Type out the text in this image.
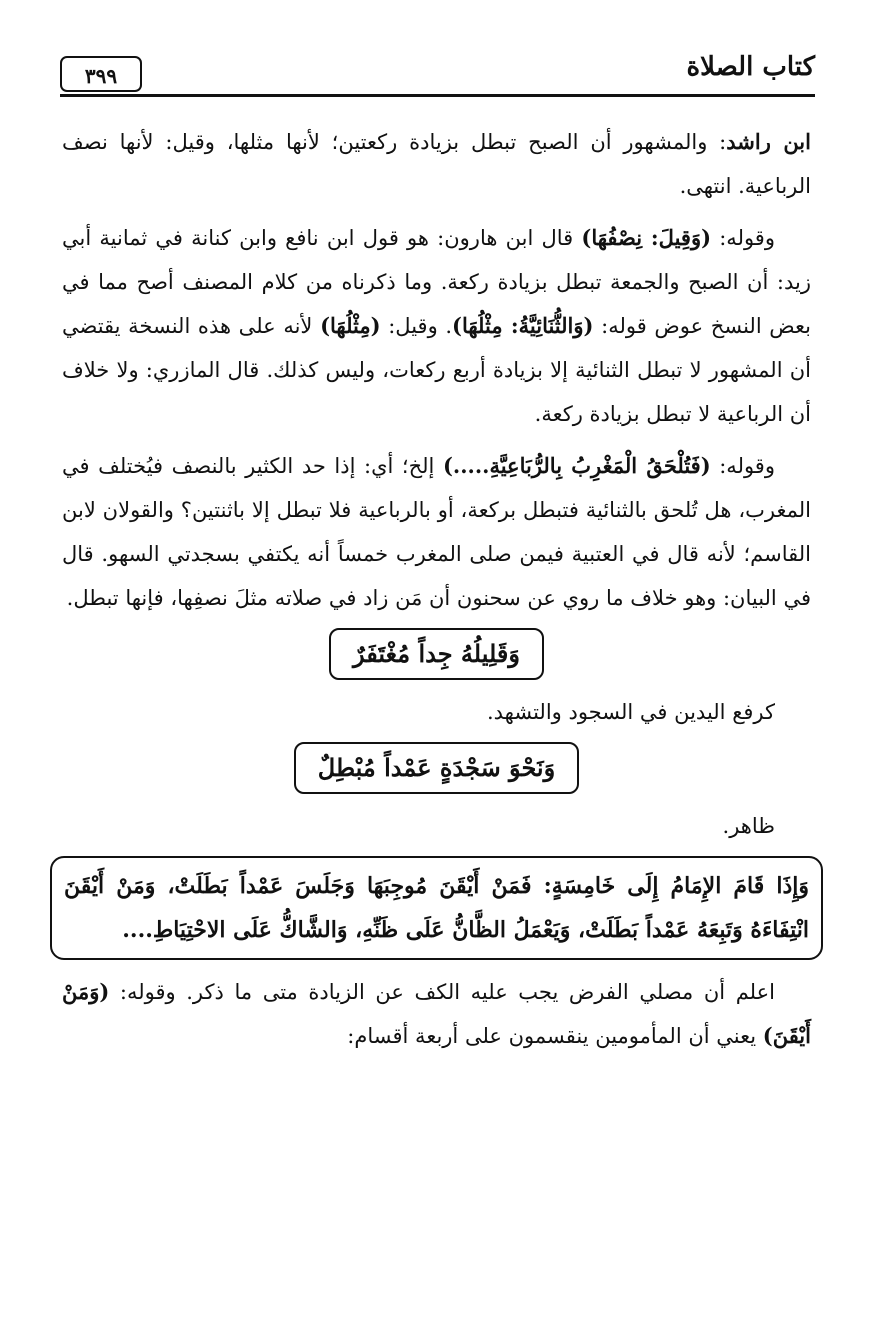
كتاب الصلاة
٣٩٩

ابن راشد: والمشهور أن الصبح تبطل بزيادة ركعتين؛ لأنها مثلها، وقيل: لأنها نصف الرباعية. انتهى.

وقوله: (وَقِيلَ: نِصْفُهَا) قال ابن هارون: هو قول ابن نافع وابن كنانة في ثمانية أبي زيد: أن الصبح والجمعة تبطل بزيادة ركعة. وما ذكرناه من كلام المصنف أصح مما في بعض النسخ عوض قوله: (وَالثُّنَائِيَّةُ: مِثْلُهَا). وقيل: (مِثْلُهَا) لأنه على هذه النسخة يقتضي أن المشهور لا تبطل الثنائية إلا بزيادة أربع ركعات، وليس كذلك. قال المازري: ولا خلاف أن الرباعية لا تبطل بزيادة ركعة.

وقوله: (فَتُلْحَقُ الْمَغْرِبُ بِالرُّبَاعِيَّةِ.....) إلخ؛ أي: إذا حد الكثير بالنصف فيُختلف في المغرب، هل تُلحق بالثنائية فتبطل بركعة، أو بالرباعية فلا تبطل إلا باثنتين؟ والقولان لابن القاسم؛ لأنه قال في العتبية فيمن صلى المغرب خمساً أنه يكتفي بسجدتي السهو. قال في البيان: وهو خلاف ما روي عن سحنون أن مَن زاد في صلاته مثلَ نصفِها، فإنها تبطل.

وَقَلِيلُهُ جِداً مُغْتَفَرٌ

كرفع اليدين في السجود والتشهد.

وَنَحْوَ سَجْدَةٍ عَمْداً مُبْطِلٌ

ظاهر.

وَإِذَا قَامَ الإِمَامُ إِلَى خَامِسَةٍ: فَمَنْ أَيْقَنَ مُوجِبَهَا وَجَلَسَ عَمْداً بَطَلَتْ، وَمَنْ أَيْقَنَ انْتِفَاءَهُ وَتَبِعَهُ عَمْداً بَطَلَتْ، وَيَعْمَلُ الظَّانُّ عَلَى ظَنِّهِ، وَالشَّاكُّ عَلَى الاحْتِيَاطِ....

اعلم أن مصلي الفرض يجب عليه الكف عن الزيادة متى ما ذكر. وقوله: (وَمَنْ أَيْقَنَ) يعني أن المأمومين ينقسمون على أربعة أقسام:
